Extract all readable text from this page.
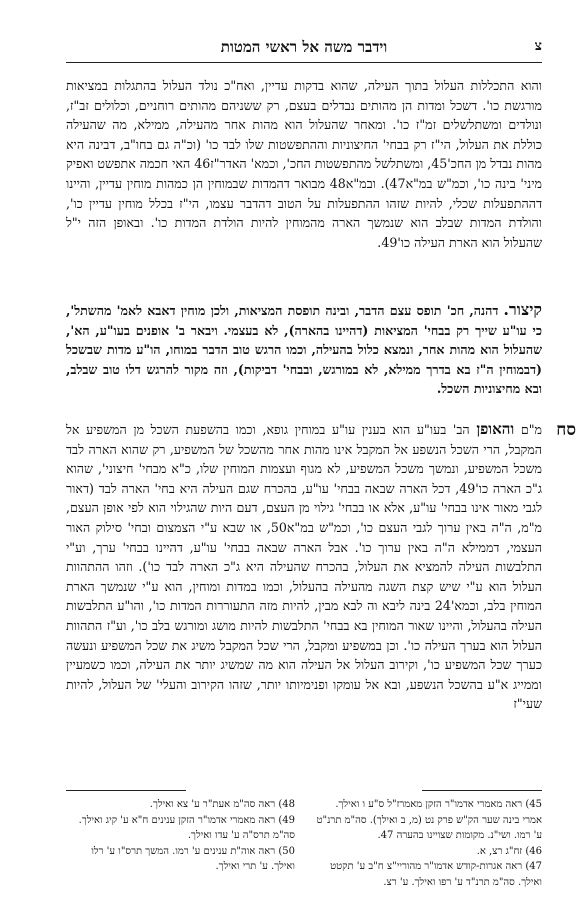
צ
וידבר משה אל ראשי המטות

והוא התכללות העלול בתוך העילה, שהוא בדקות עדיין, ואח"כ נולד העלול בהתגלות במציאות מורגשת כו'. דשכל ומדות הן מהותים נבדלים בעצם, רק ששניהם מהותים רוחניים, וכלולים זב"ז, ונולדים ומשתלשלים זמ"ז כו'. ומאחר שהעלול הוא מהות אחר מהעילה, ממילא, מה שהעילה כוללת את העלול, הי"ז רק בבחי' החיצוניות וההתפשטות שלו לבד כו' (וכ"ה גם בחו"ב, דבינה היא מהות נבדל מן החכ'45, ומשתלשל מהתפשטות החכ', וכמא' האדר"ז46 האי חכמה אתפשט ואפיק מיני' בינה כו', וכמ"ש במ"א47). ובמ"א48 מבואר דהמדות שבמוחין הן כמהות מוחין עדיין, והיינו דההתפעלות שכלי, להיות שזהו ההתפעלות על הטוב דהדבר עצמו, הי"ז בכלל מוחין עדיין כו', והולדת המדות שבלב הוא שנמשך הארה מהמוחין להיות הולדת המדות כו'. ובאופן הזה י"ל שהעלול הוא הארת העילה כו'49.

קיצור. דהנה, חכ' תופס עצם הדבר, ובינה תופסת המציאות, ולכן מוחין דאבא לאמ' מהשתל', כי עו"ע שייך רק בבחי' המציאות (דהיינו בהארה), לא בעצמי. ויבאר ב' אופנים בעו"ע, הא', שהעלול הוא מהות אחר, ונמצא כלול בהעילה, וכמו הרגש טוב הדבר במוחו, הו"ע מדות שבשכל (דבמוחין ה"ז בא בדרך ממילא, לא במורגש, ובבחי' דביקות), וזה מקור להרגש דלו טוב שבלב, ובא מחיצוניות השכל.

סח

מ"ם והאופן הב' בעו"ע הוא בענין עו"ע במוחין גופא, וכמו בהשפעת השכל מן המשפיע אל המקבל, הרי השכל הנשפע אל המקבל אינו מהות אחר מהשכל של המשפיע, רק שהוא הארה לבד משכל המשפיע, ונמשך משכל המשפיע, לא מגוף ועצמות המוחין שלו, כ"א מבחי' חיצוני', שהוא ג"כ הארה כו'49, דכל הארה שבאה בבחי' עו"ע, בהכרח שגם העילה היא בחי' הארה לבד (דאור לגבי מאור אינו בבחי' עו"ע, אלא או בבחי' גילוי מן העצם, דעם היות שהגילוי הוא לפי אופן העצם, מ"מ, ה"ה באין ערוך לגבי העצם כו', וכמ"ש במ"א50, או שבא ע"י הצמצום ובחי' סילוק האור העצמי, דממילא ה"ה באין ערוך כו'. אבל הארה שבאה בבחי' עו"ע, דהיינו בבחי' ערך, וע"י התלבשות העילה להמציא את העלול, בהכרח שהעילה היא ג"כ הארה לבד כו'). וזהו ההתהוות העלול הוא ע"י שיש קצת השגה מהעילה בהעלול, וכמו במדות ומוחין, הוא ע"י שנמשך הארת המוחין בלב, וכמא'24 בינה ליבא וה לבא מבין, להיות מזה התעוררות המדות כו', והו"ע התלבשות העילה בהעלול, והיינו שאור המוחין בא בבחי' התלבשות להיות מושג ומורגש בלב כו', וע"ז התהוות העלול הוא בערך העילה כו'. וכן במשפיע ומקבל, הרי שכל המקבל משיג את שכל המשפיע ונעשה כערך שכל המשפיע כו', וקירוב העלול אל העילה הוא מה שמשיג יותר את העילה, וכמו כשמעיין וממייג א"ע בהשכל הנשפע, ובא אל עומקו ופנימיותו יותר, שזהו הקירוב והעלי' של העלול, להיות שעי"ז

45) ראה מאמרי אדמו"ר הזקן מאמרז"ל ס"ע ו ואילך. אמרי בינה שער הק"ש פרק נט (מ, ב ואילך). סה"מ תרנ"ט ע' רמו. ושי"נ. מקומות שצויינו בהערה 47.
46) זח"ג רצ, א.
47) ראה אגרות-קודש אדמו"ר מהוריי"צ ח"ב ע' תקטט ואילך. סה"מ תרנ"ד ע' רפו ואילך. ע' רצ.
48) ראה סה"מ אעת"ר ע' צא ואילך.
49) ראה מאמרי אדמו"ר הזקן ענינים ח"א ע' קיג ואילך. סה"מ תרס"ה ע' עדו ואילך.
50) ראה אוה"ת ענינים ע' רמו. המשך תרס"ו ע' רלו ואילך. ע' תרי ואילך.
